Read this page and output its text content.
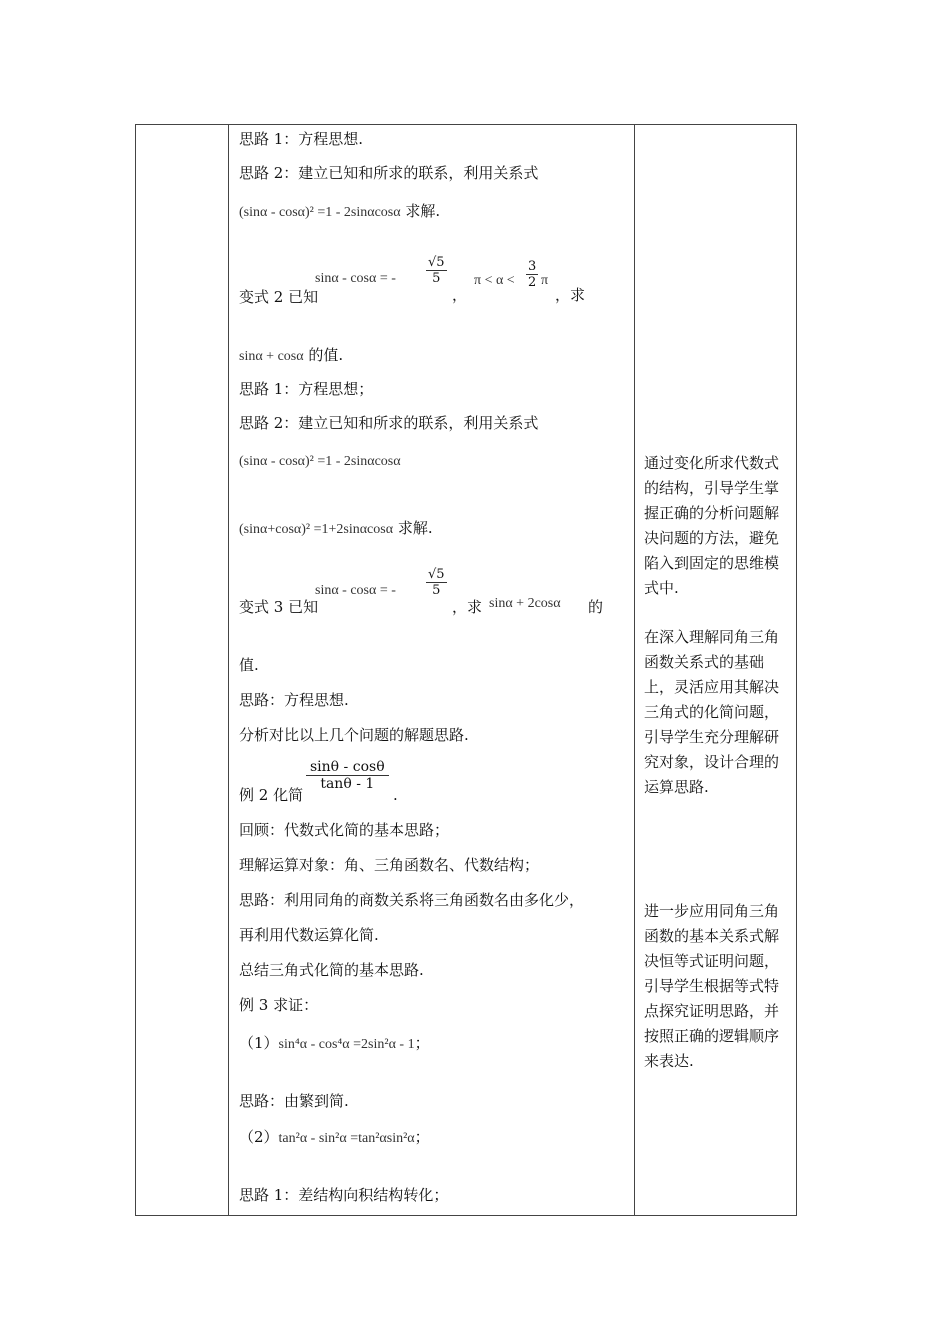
思路 1：方程思想.
思路 2：建立已知和所求的联系，利用关系式
(sinα - cosα)² =1 - 2sinαcosα 求解.
变式 2 已知
sinα - cosα = - $\frac{√5}{5}$
，
$\pi < \alpha < \frac{3}{2}$ π
，求
sinα + cosα 的值.
思路 1：方程思想；
思路 2：建立已知和所求的联系，利用关系式
(sinα - cosα)² =1 - 2sinαcosα
(sinα+cosα)² =1+2sinαcosα 求解.
变式 3 已知
sinα - cosα = - $\frac{√5}{5}$
，求 sinα + 2cosα 的
值.
思路：方程思想.
分析对比以上几个问题的解题思路.
例 2 化简
$\frac{\sin\theta - \cos\theta}{\tan\theta - 1}$
.
回顾：代数式化简的基本思路；
理解运算对象：角、三角函数名、代数结构；
思路：利用同角的商数关系将三角函数名由多化少，
再利用代数运算化简.
总结三角式化简的基本思路.
例 3 求证：
（1）sin⁴α - cos⁴α =2sin²α - 1；
思路：由繁到简.
（2）tan²α - sin²α =tan²αsin²α；
思路 1：差结构向积结构转化；
通过变化所求代数式的结构，引导学生掌握正确的分析问题解决问题的方法，避免陷入到固定的思维模式中.
在深入理解同角三角函数关系式的基础上，灵活应用其解决三角式的化简问题，引导学生充分理解研究对象，设计合理的运算思路.
进一步应用同角三角函数的基本关系式解决恒等式证明问题，引导学生根据等式特点探究证明思路，并按照正确的逻辑顺序来表达.
